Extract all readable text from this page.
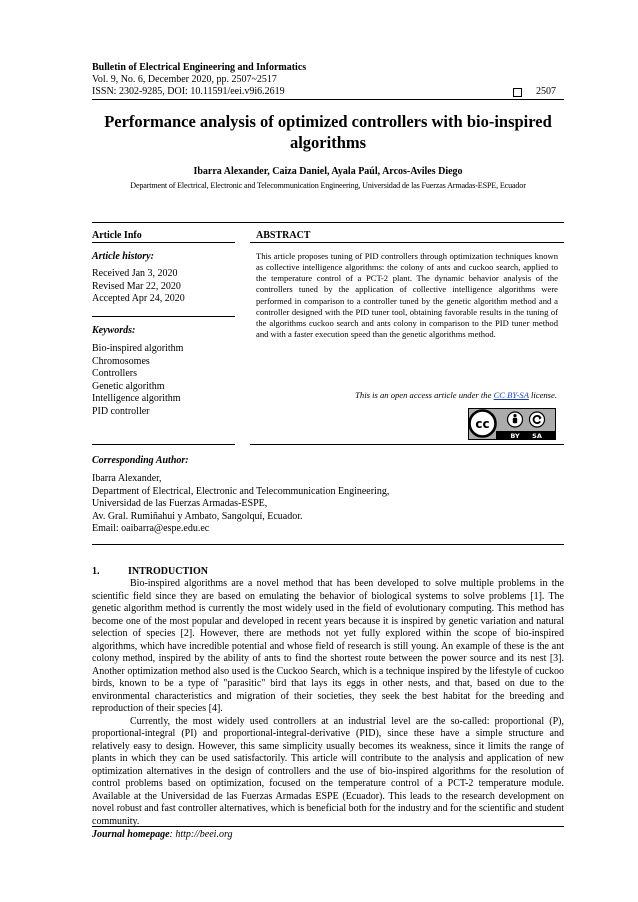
Bulletin of Electrical Engineering and Informatics
Vol. 9, No. 6, December 2020, pp. 2507~2517
ISSN: 2302-9285, DOI: 10.11591/eei.v9i6.2619	2507
Performance analysis of optimized controllers with bio-inspired algorithms
Ibarra Alexander, Caiza Daniel, Ayala Paúl, Arcos-Aviles Diego
Department of Electrical, Electronic and Telecommunication Engineering, Universidad de las Fuerzas Armadas-ESPE, Ecuador
Article Info
Article history:
Received Jan 3, 2020
Revised Mar 22, 2020
Accepted Apr 24, 2020
Keywords:
Bio-inspired algorithm
Chromosomes
Controllers
Genetic algorithm
Intelligence algorithm
PID controller
ABSTRACT

This article proposes tuning of PID controllers through optimization techniques known as collective intelligence algorithms: the colony of ants and cuckoo search, applied to the temperature control of a PCT-2 plant. The dynamic behavior analysis of the controllers tuned by the application of collective intelligence algorithms were performed in comparison to a controller tuned by the genetic algorithm method and a controller designed with the PID tuner tool, obtaining favorable results in the tuning of the algorithms cuckoo search and ants colony in comparison to the PID tuner method and with a faster execution speed than the genetic algorithms method.

This is an open access article under the CC BY-SA license.
cc
BY SA
Corresponding Author:
Ibarra Alexander,
Department of Electrical, Electronic and Telecommunication Engineering,
Universidad de las Fuerzas Armadas-ESPE,
Av. Gral. Rumiñahui y Ambato, Sangolquí, Ecuador.
Email: oaibarra@espe.edu.ec
1.	INTRODUCTION

Bio-inspired algorithms are a novel method that has been developed to solve multiple problems in the scientific field since they are based on emulating the behavior of biological systems to solve problems [1]. The genetic algorithm method is currently the most widely used in the field of evolutionary computing. This method has become one of the most popular and developed in recent years because it is inspired by genetic variation and natural selection of species [2]. However, there are methods not yet fully explored within the scope of bio-inspired algorithms, which have incredible potential and whose field of research is still young. An example of these is the ant colony method, inspired by the ability of ants to find the shortest route between the power source and its nest [3]. Another optimization method also used is the Cuckoo Search, which is a technique inspired by the lifestyle of cuckoo birds, known to be a type of "parasitic" bird that lays its eggs in other nests, and that, based on due to the environmental characteristics and migration of their societies, they seek the best habitat for the breeding and reproduction of their species [4].

Currently, the most widely used controllers at an industrial level are the so-called: proportional (P), proportional-integral (PI) and proportional-integral-derivative (PID), since these have a simple structure and relatively easy to design. However, this same simplicity usually becomes its weakness, since it limits the range of plants in which they can be used satisfactorily. This article will contribute to the analysis and application of new optimization alternatives in the design of controllers and the use of bio-inspired algorithms for the resolution of control problems based on optimization, focused on the temperature control of a PCT-2 temperature module. Available at the Universidad de las Fuerzas Armadas ESPE (Ecuador). This leads to the research development on novel robust and fast controller alternatives, which is beneficial both for the industry and for the scientific and student community.

Journal homepage: http://beei.org
